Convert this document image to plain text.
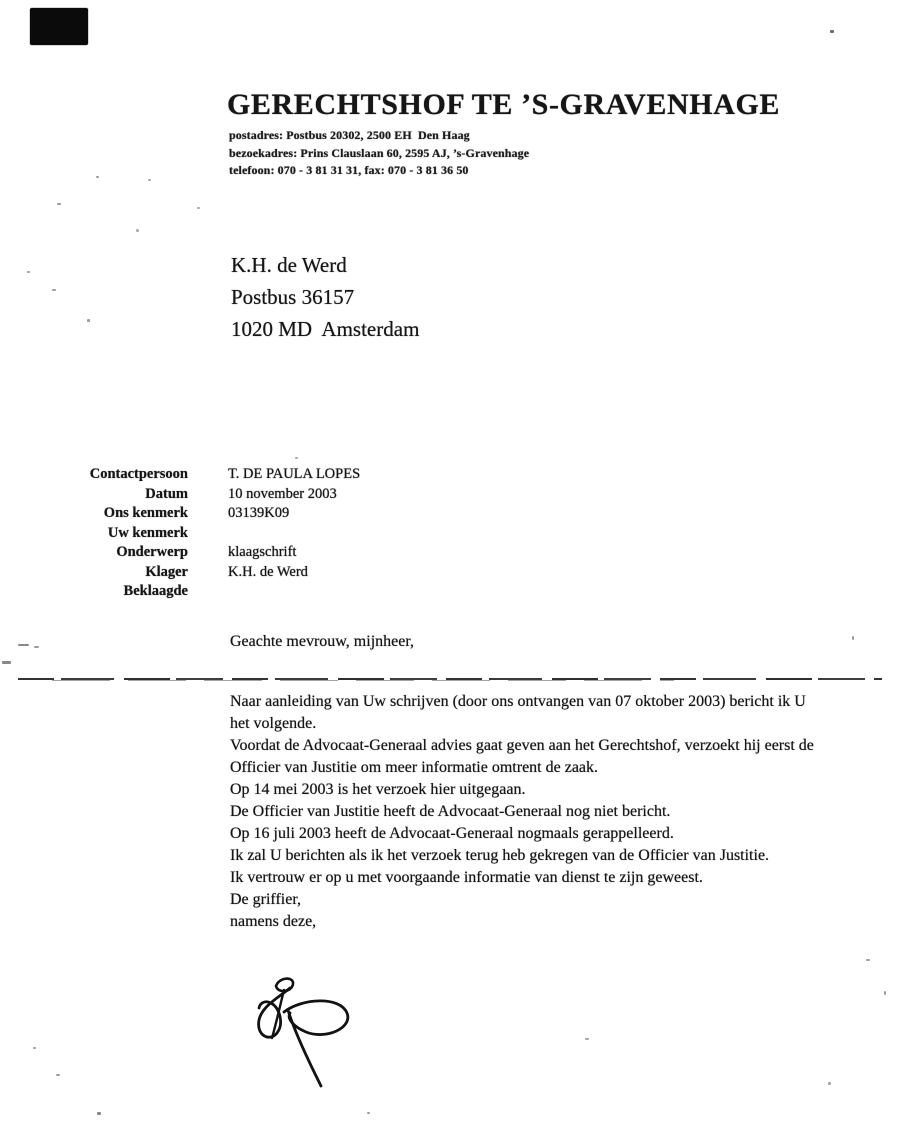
GERECHTSHOF TE ’S-GRAVENHAGE
postadres: Postbus 20302, 2500 EH  Den Haag
bezoekadres: Prins Clauslaan 60, 2595 AJ, ’s-Gravenhage
telefoon: 070 - 3 81 31 31, fax: 070 - 3 81 36 50
K.H. de Werd
Postbus 36157
1020 MD  Amsterdam
Contactpersoon
Datum
Ons kenmerk
Uw kenmerk
Onderwerp
Klager
Beklaagde
T. DE PAULA LOPES
10 november 2003
03139K09
klaagschrift
K.H. de Werd
Geachte mevrouw, mijnheer,

Naar aanleiding van Uw schrijven (door ons ontvangen van 07 oktober 2003) bericht ik U
het volgende.

Voordat de Advocaat-Generaal advies gaat geven aan het Gerechtshof, verzoekt hij eerst de
Officier van Justitie om meer informatie omtrent de zaak.

Op 14 mei 2003 is het verzoek hier uitgegaan.

De Officier van Justitie heeft de Advocaat-Generaal nog niet bericht.

Op 16 juli 2003 heeft de Advocaat-Generaal nogmaals gerappelleerd.

Ik zal U berichten als ik het verzoek terug heb gekregen van de Officier van Justitie.

Ik vertrouw er op u met voorgaande informatie van dienst te zijn geweest.

De griffier,
namens deze,
